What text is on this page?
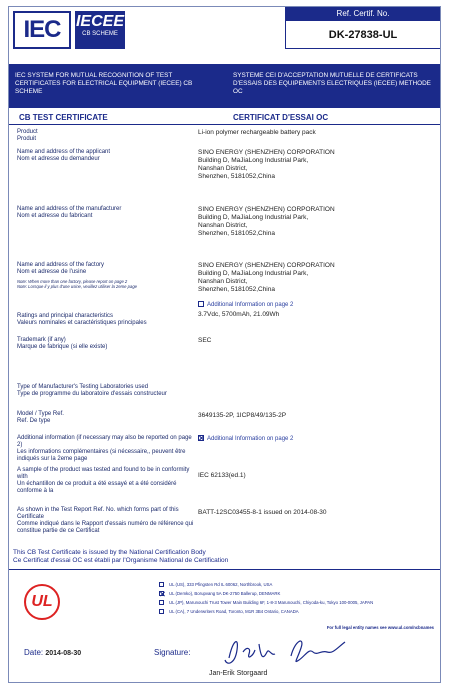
IEC IECEE
CB SCHEME
Ref. Certif. No.
DK-27838-UL
IEC SYSTEM FOR MUTUAL RECOGNITION OF TEST CERTIFICATES FOR ELECTRICAL EQUIPMENT (IECEE) CB SCHEME
SYSTEME CEI D'ACCEPTATION MUTUELLE DE CERTIFICATS D'ESSAIS DES EQUIPEMENTS ELECTRIQUES (IECEE) METHODE OC
CB TEST CERTIFICATE	CERTIFICAT D'ESSAI OC
Product
Produit
Li-ion polymer rechargeable battery pack
Name and address of the applicant
Nom et adresse du demandeur
SINO ENERGY (SHENZHEN) CORPORATION
Building D, MaJiaLong Industrial Park,
Nanshan District,
Shenzhen, 5181052,China
Name and address of the manufacturer
Nom et adresse du fabricant
SINO ENERGY (SHENZHEN) CORPORATION
Building D, MaJiaLong Industrial Park,
Nanshan District,
Shenzhen, 5181052,China
Name and address of the factory
Nom et adresse de l'usine
Note: When more than one factory, please report on page 2
Note: Lorsque il y plus d'une usine, veuillez utiliser la 2eme page
SINO ENERGY (SHENZHEN) CORPORATION
Building D, MaJiaLong Industrial Park,
Nanshan District,
Shenzhen, 5181052,China
Additional Information on page 2
Ratings and principal characteristics
Valeurs nominales et caractéristiques principales
3.7Vdc, 5700mAh, 21.09Wh
Trademark (if any)
Marque de fabrique (si elle existe)
SEC
Type of Manufacturer's Testing Laboratories used
Type de programme du laboratoire d'essais constructeur
Model / Type Ref.
Ref. De type
3649135-2P, 1ICP8/49/135-2P
Additional information (if necessary may also be reported on page 2)
Les informations complémentaires (si nécessaire,, peuvent être indiqués sur la 2eme page
Additional Information on page 2
A sample of the product was tested and found to be in conformity with
Un échantillon de ce produit a été essayé et a été considéré conforme à la
IEC 62133(ed.1)
As shown in the Test Report Ref. No. which forms part of this Certificate
Comme indiqué dans le Rapport d'essais numéro de référence qui constitue partie de ce Certificat
BATT-12SC03455-8-1 issued on 2014-08-30
This CB Test Certificate is issued by the National Certification Body
Ce Certificat d'essai OC est établi par l'Organisme National de Certification
UL
UL (US), 333 Pfingsten Rd IL 60062, Northbrook, USA
UL (Demko), Borupvang 5A DK-2750 Ballerup, DENMARK
UL (JP), Marunouchi Trust Tower Main Building 6F, 1-8-3 Marunouchi, Chiyoda-ku, Tokyo 100-0005, JAPAN
UL (CA), 7 Underwriters Road, Toronto, M1R 3B4 Ontario, CANADA
For full legal entity names see www.ul.com/ncbnames
Date: 2014-08-30	Signature:
Jan-Erik Storgaard
